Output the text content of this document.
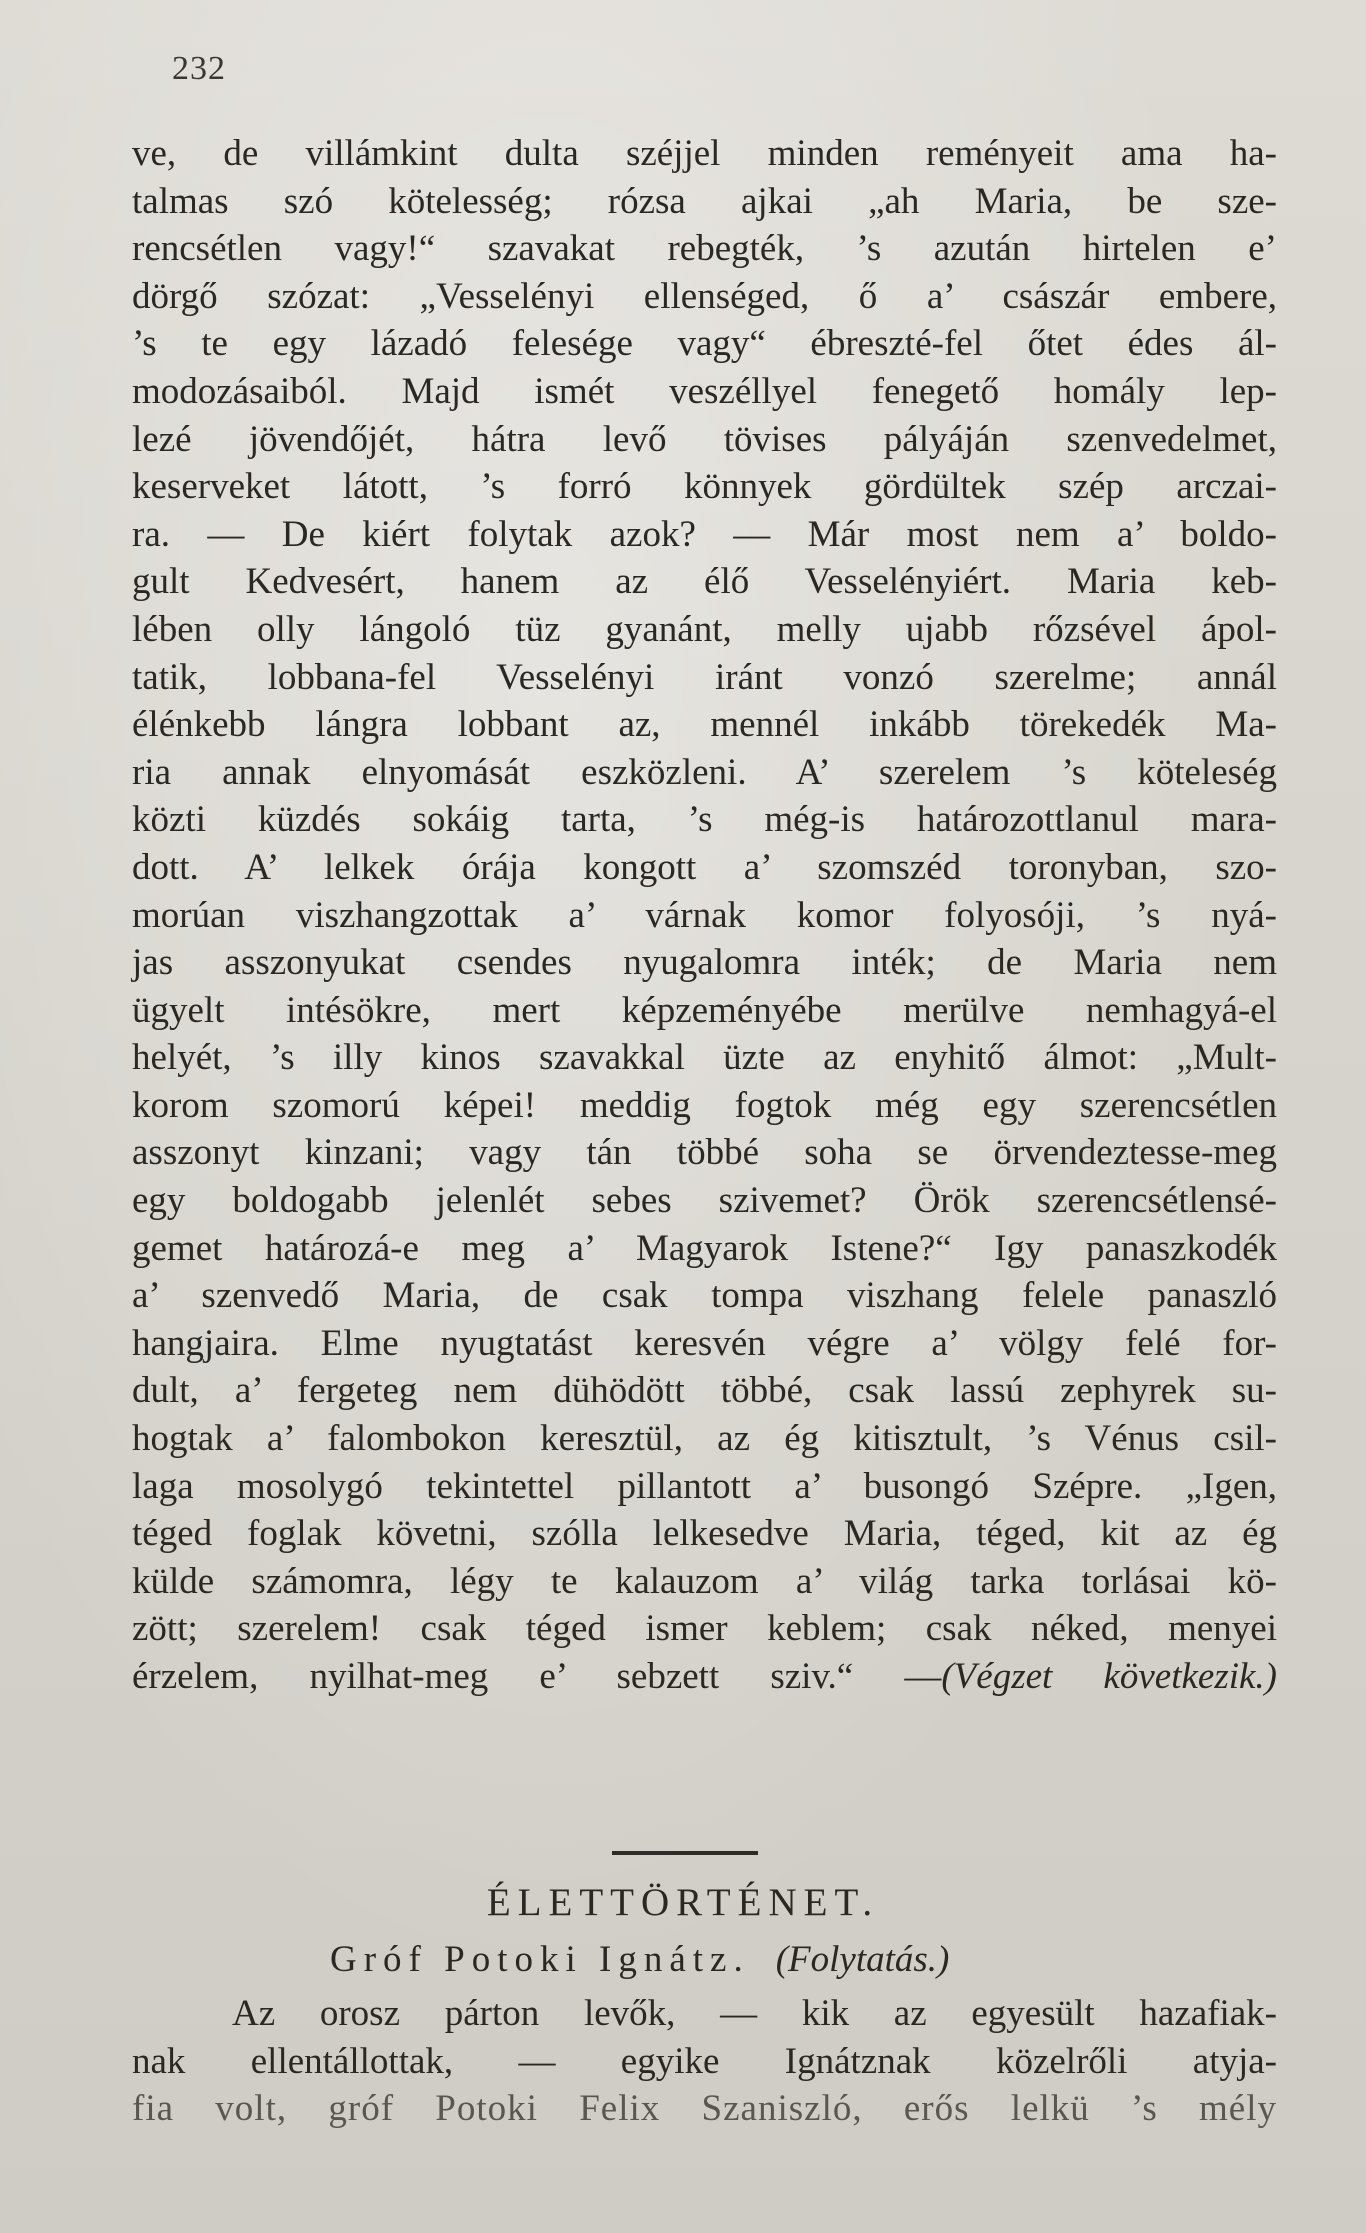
232
ve, de villámkint dulta széjjel minden reményeit ama ha-
talmas szó kötelesség; rózsa ajkai „ah Maria, be sze-
rencsétlen vagy!“ szavakat rebegték, ’s azután hirtelen e’
dörgő szózat: „Vesselényi ellenséged, ő a’ császár embere,
’s te egy lázadó felesége vagy“ ébreszté-fel őtet édes ál-
modozásaiból. Majd ismét veszéllyel fenegető homály lep-
lezé jövendőjét, hátra levő tövises pályáján szenvedelmet,
keserveket látott, ’s forró könnyek gördültek szép arczai-
ra. — De kiért folytak azok? — Már most nem a’ boldo-
gult Kedvesért, hanem az élő Vesselényiért. Maria keb-
lében olly lángoló tüz gyanánt, melly ujabb rőzsével ápol-
tatik, lobbana-fel Vesselényi iránt vonzó szerelme; annál
élénkebb lángra lobbant az, mennél inkább törekedék Ma-
ria annak elnyomását eszközleni. A’ szerelem ’s köteleség
közti küzdés sokáig tarta, ’s még-is határozottlanul mara-
dott. A’ lelkek órája kongott a’ szomszéd toronyban, szo-
morúan viszhangzottak a’ várnak komor folyosóji, ’s nyá-
jas asszonyukat csendes nyugalomra inték; de Maria nem
ügyelt intésökre, mert képzeményébe merülve nemhagyá-el
helyét, ’s illy kinos szavakkal üzte az enyhitő álmot: „Mult-
korom szomorú képei! meddig fogtok még egy szerencsétlen
asszonyt kinzani; vagy tán többé soha se örvendeztesse-meg
egy boldogabb jelenlét sebes szivemet? Örök szerencsétlensé-
gemet határozá-e meg a’ Magyarok Istene?“ Igy panaszkodék
a’ szenvedő Maria, de csak tompa viszhang felele panaszló
hangjaira. Elme nyugtatást keresvén végre a’ völgy felé for-
dult, a’ fergeteg nem dühödött többé, csak lassú zephyrek su-
hogtak a’ falombokon keresztül, az ég kitisztult, ’s Vénus csil-
laga mosolygó tekintettel pillantott a’ busongó Szépre. „Igen,
téged foglak követni, szólla lelkesedve Maria, téged, kit az ég
külde számomra, légy te kalauzom a’ világ tarka torlásai kö-
zött; szerelem! csak téged ismer keblem; csak néked, menyei
érzelem, nyilhat-meg e’ sebzett sziv.“ —(Végzet következik.)
ÉLETTÖRTÉNET.
Gróf Potoki Ignátz. (Folytatás.)
Az orosz párton levők, — kik az egyesült hazafiak-
nak ellentállottak, — egyike Ignátznak közelrőli atyja-
fia volt, gróf Potoki Felix Szaniszló, erős lelkü ’s mély
